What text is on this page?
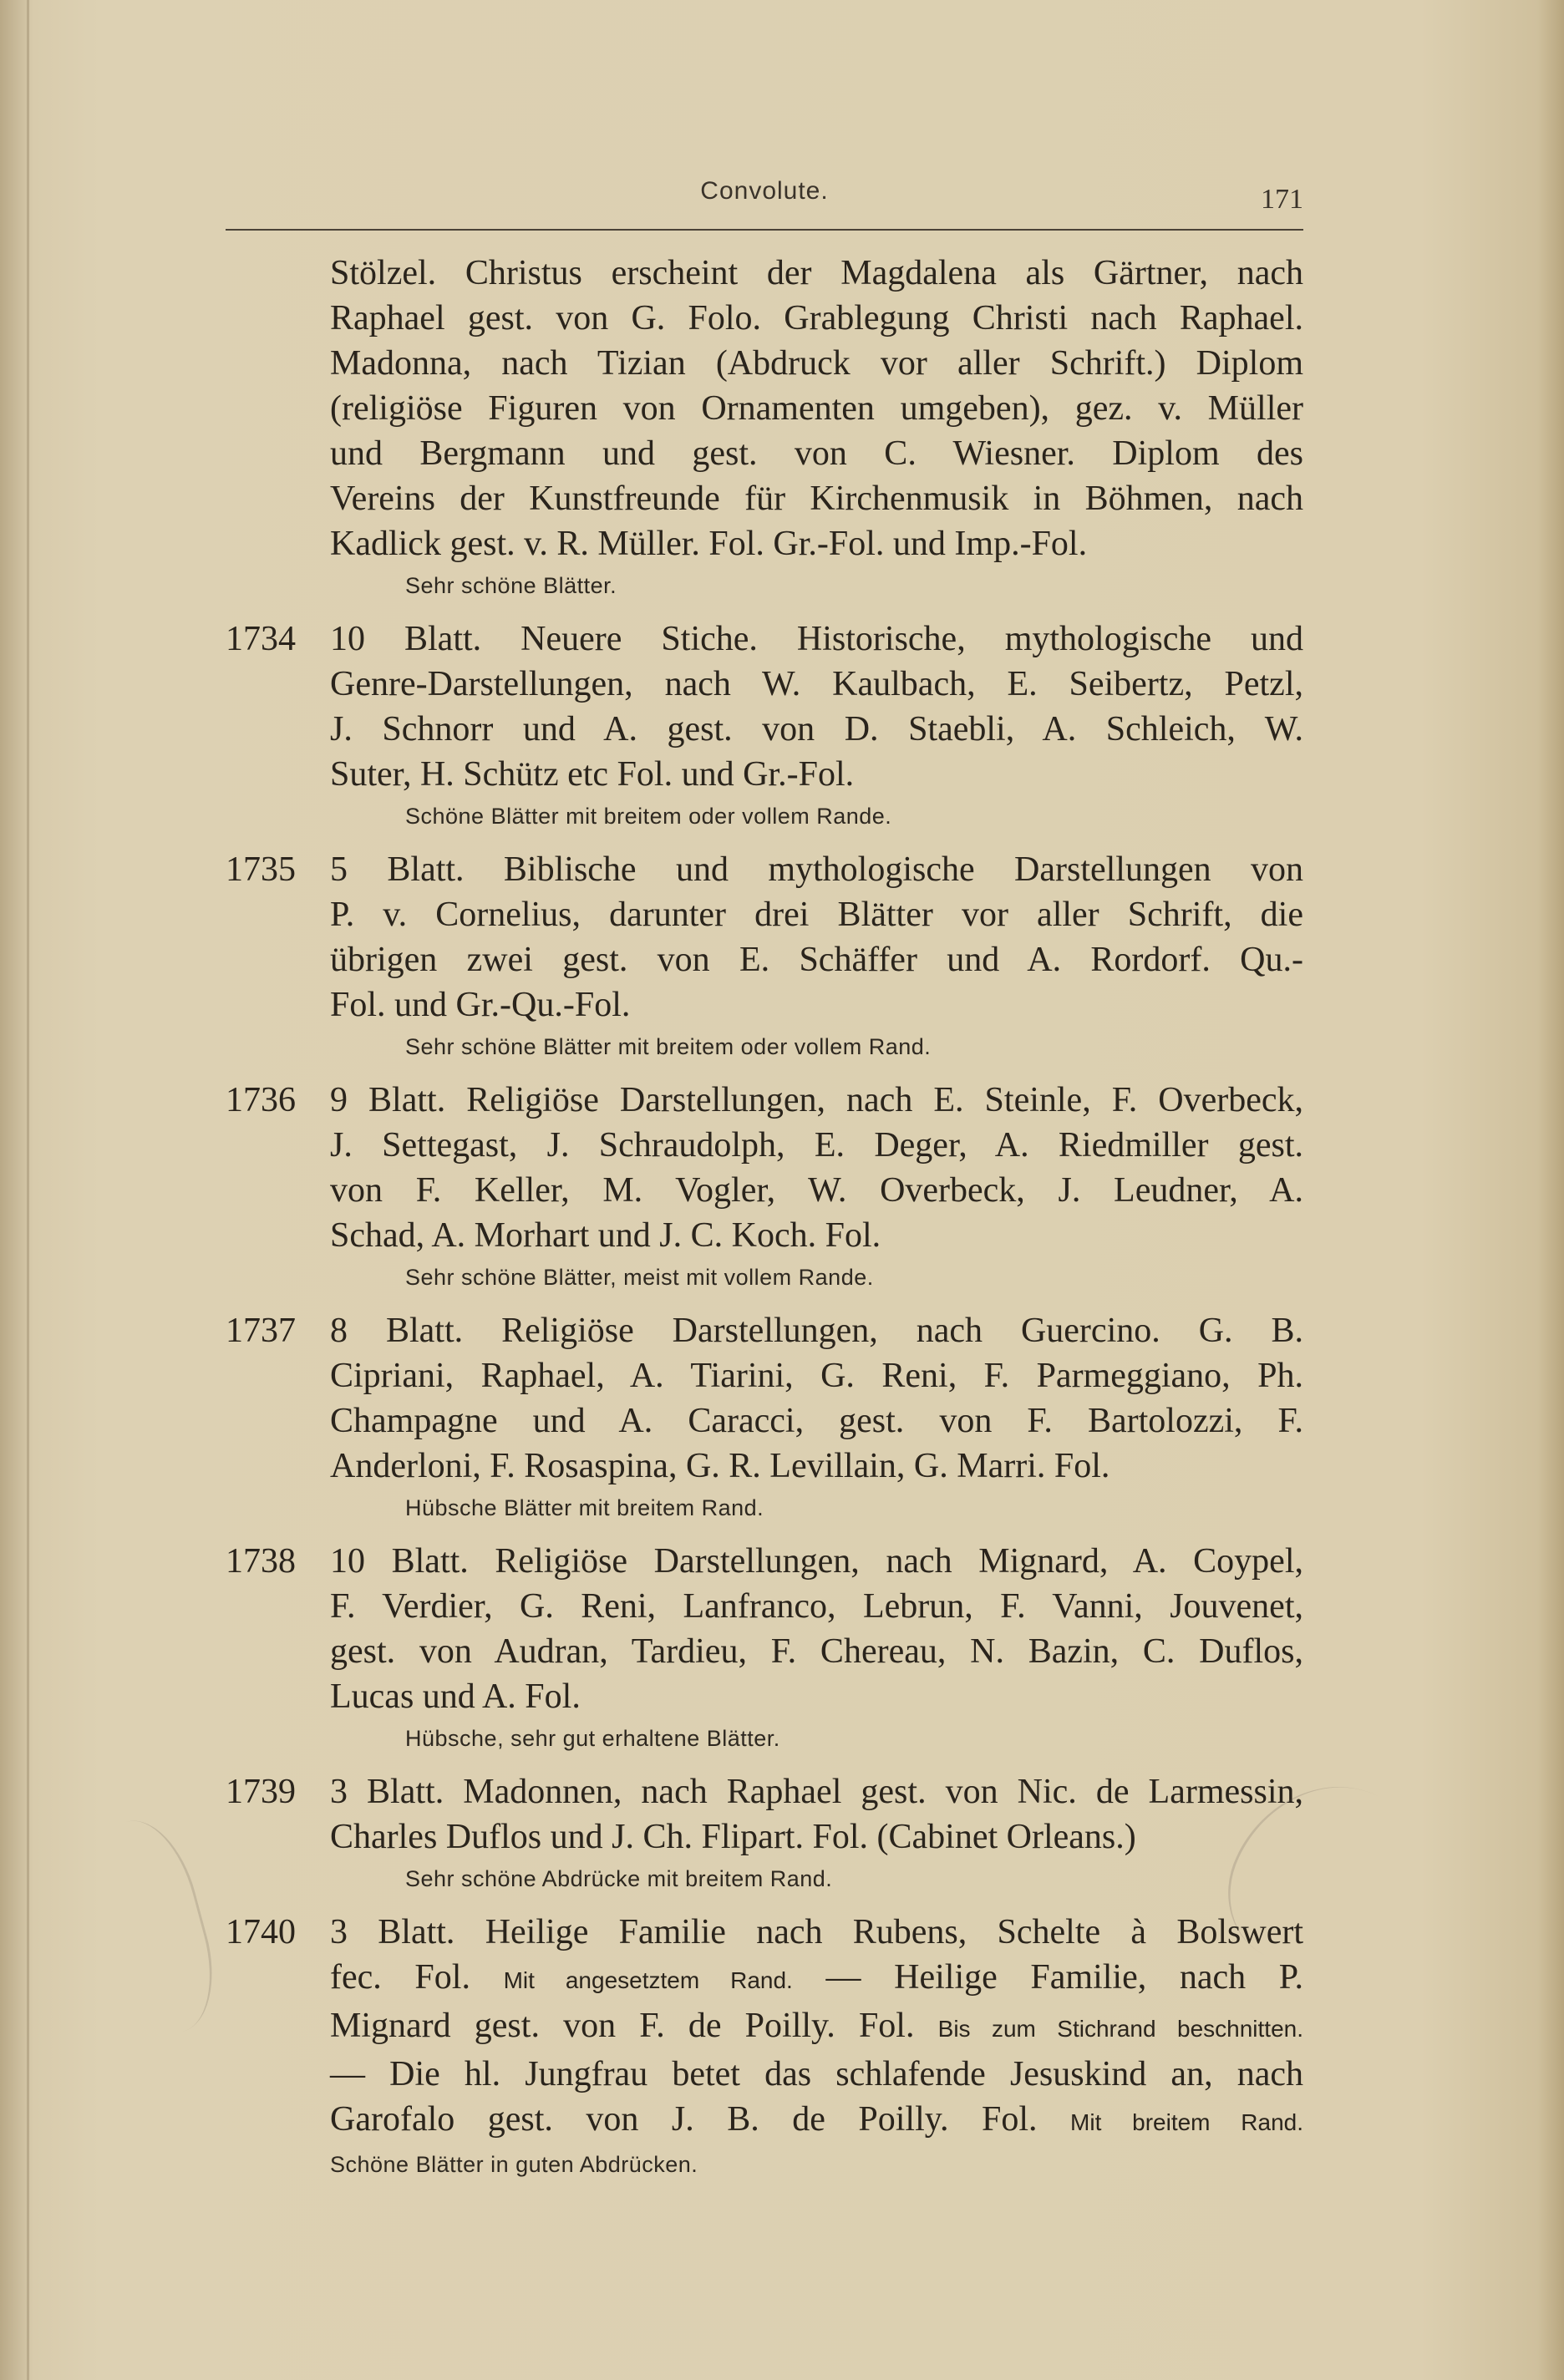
Convolute.	171

Stölzel. Christus erscheint der Magdalena als Gärtner, nach

Raphael gest. von G. Folo. Grablegung Christi nach Raphael.

Madonna, nach Tizian (Abdruck vor aller Schrift.) Diplom

(religiöse Figuren von Ornamenten umgeben), gez. v. Müller

und Bergmann und gest. von C. Wiesner. Diplom des

Vereins der Kunstfreunde für Kirchenmusik in Böhmen, nach

Kadlick gest. v. R. Müller. Fol. Gr.-Fol. und Imp.-Fol.

Sehr schöne Blätter.
1734 10 Blatt. Neuere Stiche. Historische, mythologische und

Genre-Darstellungen, nach W. Kaulbach, E. Seibertz, Petzl,

J. Schnorr und A. gest. von D. Staebli, A. Schleich, W.

Suter, H. Schütz etc Fol. und Gr.-Fol.

Schöne Blätter mit breitem oder vollem Rande.
1735 5 Blatt. Biblische und mythologische Darstellungen von

P. v. Cornelius, darunter drei Blätter vor aller Schrift, die

übrigen zwei gest. von E. Schäffer und A. Rordorf. Qu.-

Fol. und Gr.-Qu.-Fol.

Sehr schöne Blätter mit breitem oder vollem Rand.
1736 9 Blatt. Religiöse Darstellungen, nach E. Steinle, F. Overbeck,

J. Settegast, J. Schraudolph, E. Deger, A. Riedmiller gest.

von F. Keller, M. Vogler, W. Overbeck, J. Leudner, A.

Schad, A. Morhart und J. C. Koch. Fol.

Sehr schöne Blätter, meist mit vollem Rande.
1737 8 Blatt. Religiöse Darstellungen, nach Guercino. G. B.

Cipriani, Raphael, A. Tiarini, G. Reni, F. Parmeggiano, Ph.

Champagne und A. Caracci, gest. von F. Bartolozzi, F.

Anderloni, F. Rosaspina, G. R. Levillain, G. Marri. Fol.

Hübsche Blätter mit breitem Rand.
1738 10 Blatt. Religiöse Darstellungen, nach Mignard, A. Coypel,

F. Verdier, G. Reni, Lanfranco, Lebrun, F. Vanni, Jouvenet,

gest. von Audran, Tardieu, F. Chereau, N. Bazin, C. Duflos,

Lucas und A. Fol.

Hübsche, sehr gut erhaltene Blätter.
1739 3 Blatt. Madonnen, nach Raphael gest. von Nic. de Larmessin,

Charles Duflos und J. Ch. Flipart. Fol. (Cabinet Orleans.)

Sehr schöne Abdrücke mit breitem Rand.
1740 3 Blatt. Heilige Familie nach Rubens, Schelte à Bolswert

fec. Fol. Mit angesetztem Rand. — Heilige Familie, nach P.

Mignard gest. von F. de Poilly. Fol. Bis zum Stichrand beschnitten.

— Die hl. Jungfrau betet das schlafende Jesuskind an, nach

Garofalo gest. von J. B. de Poilly. Fol. Mit breitem Rand.

Schöne Blätter in guten Abdrücken.
